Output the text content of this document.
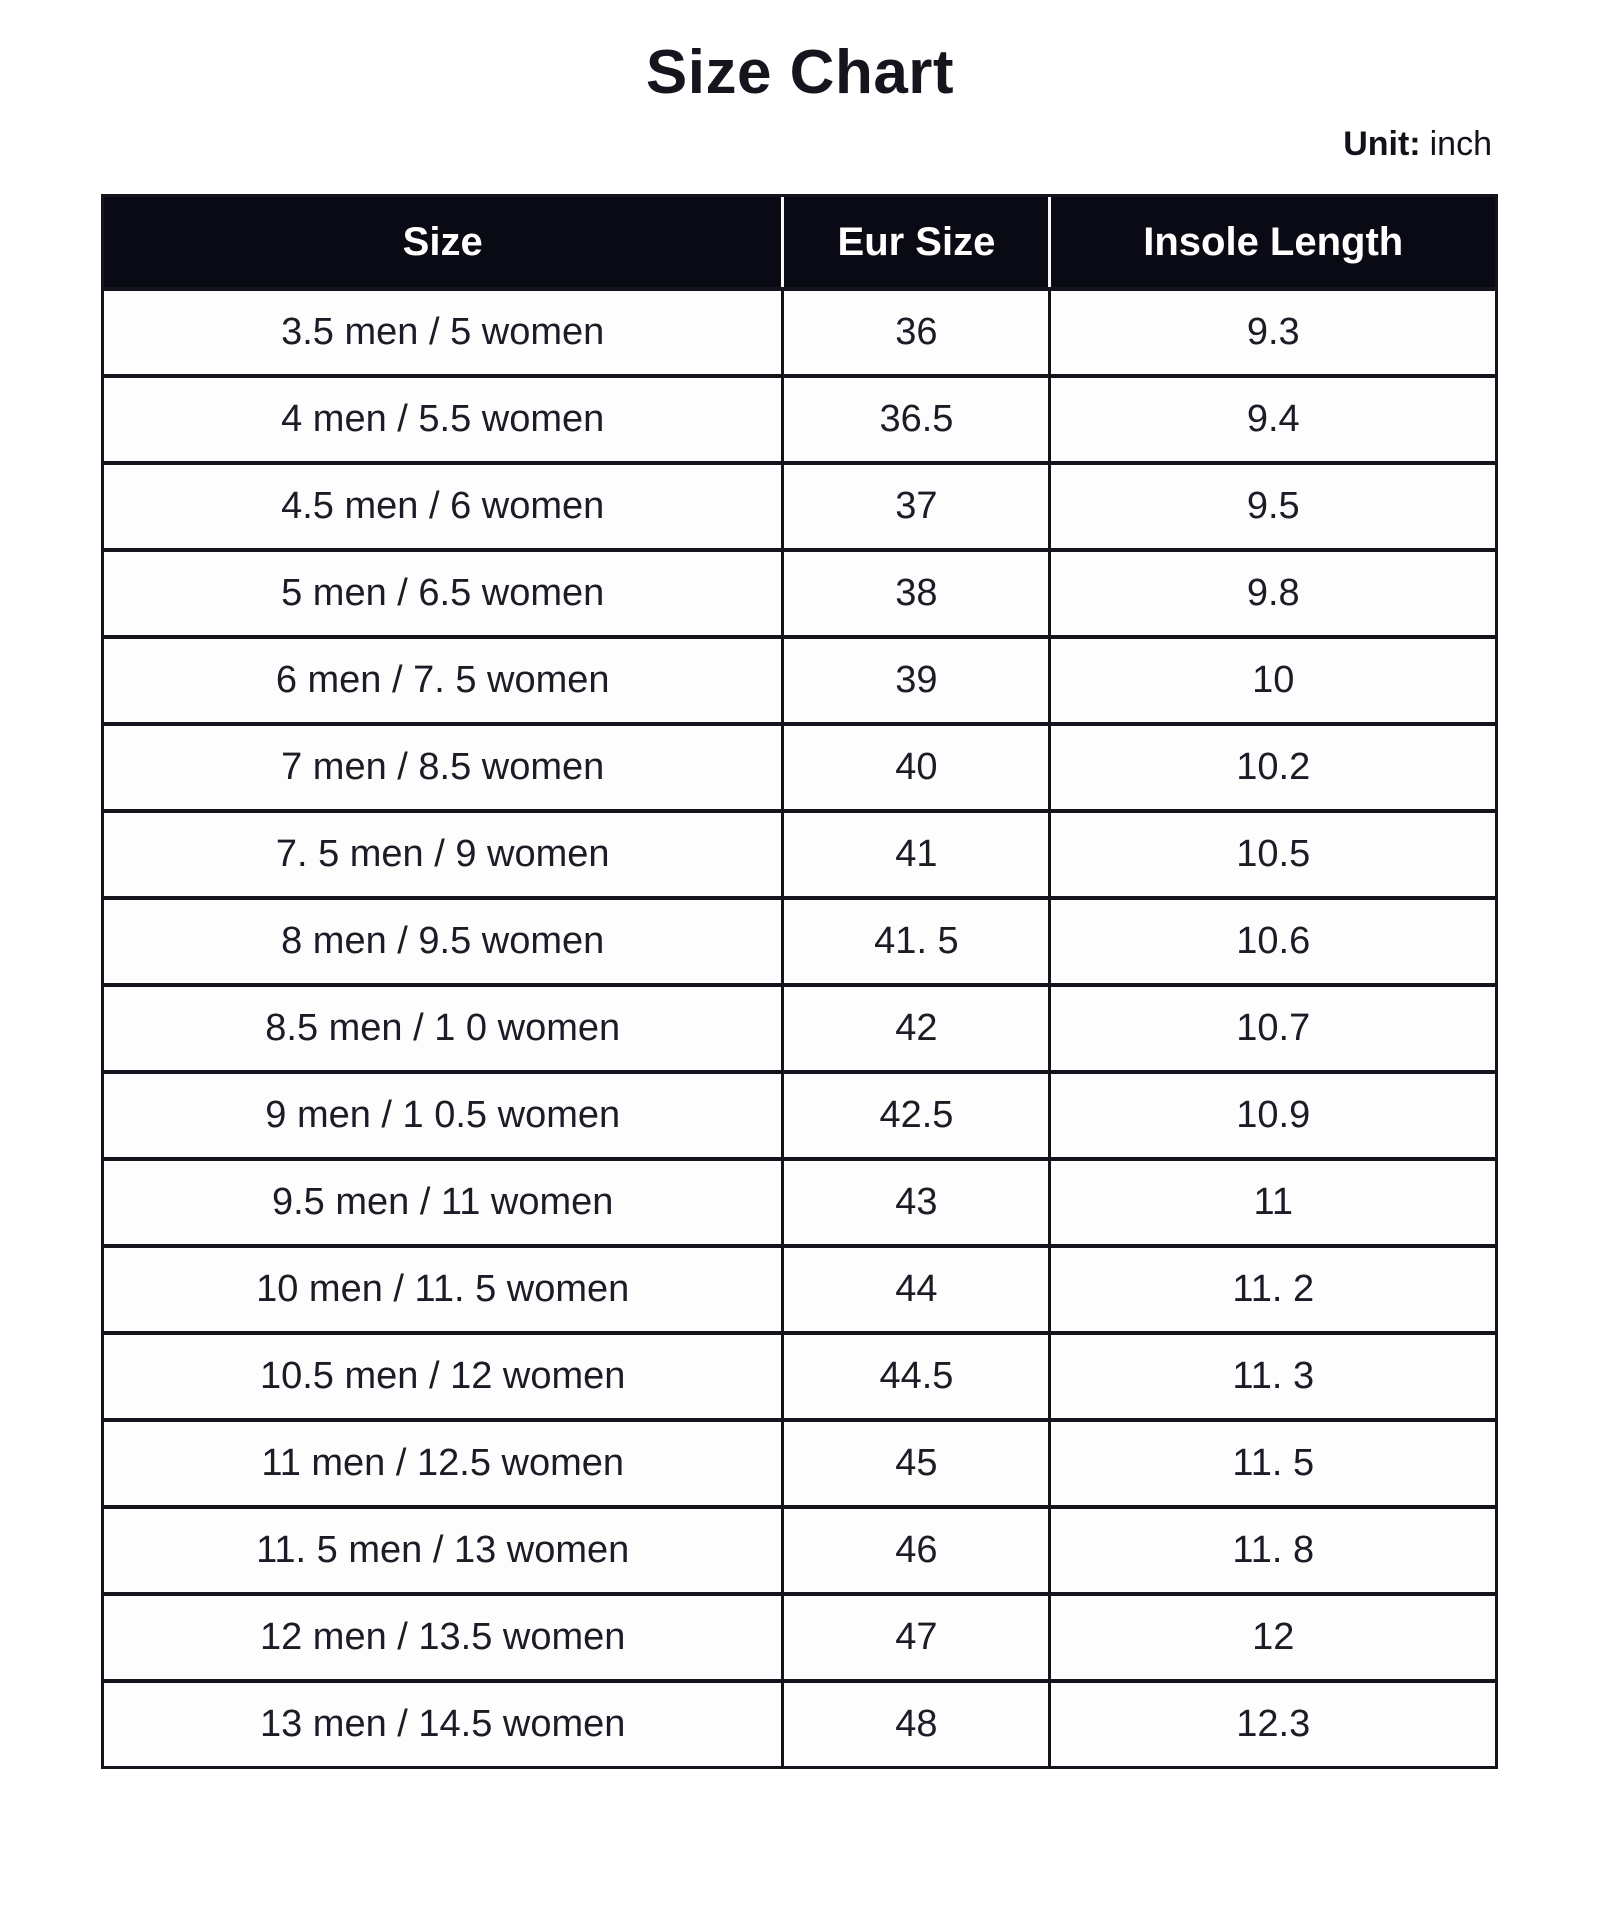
Size Chart
Unit: inch
Size	Eur Size	Insole Length
3.5 men / 5 women	36	9.3
4 men / 5.5 women	36.5	9.4
4.5 men / 6 women	37	9.5
5 men / 6.5 women	38	9.8
6 men / 7. 5 women	39	10
7 men / 8.5 women	40	10.2
7. 5 men / 9 women	41	10.5
8 men / 9.5 women	41. 5	10.6
8.5 men / 1 0 women	42	10.7
9 men / 1 0.5 women	42.5	10.9
9.5 men / 11 women	43	11
10 men / 11. 5 women	44	11. 2
10.5 men / 12 women	44.5	11. 3
11 men / 12.5 women	45	11. 5
11. 5 men / 13 women	46	11. 8
12 men / 13.5 women	47	12
13 men / 14.5 women	48	12.3
